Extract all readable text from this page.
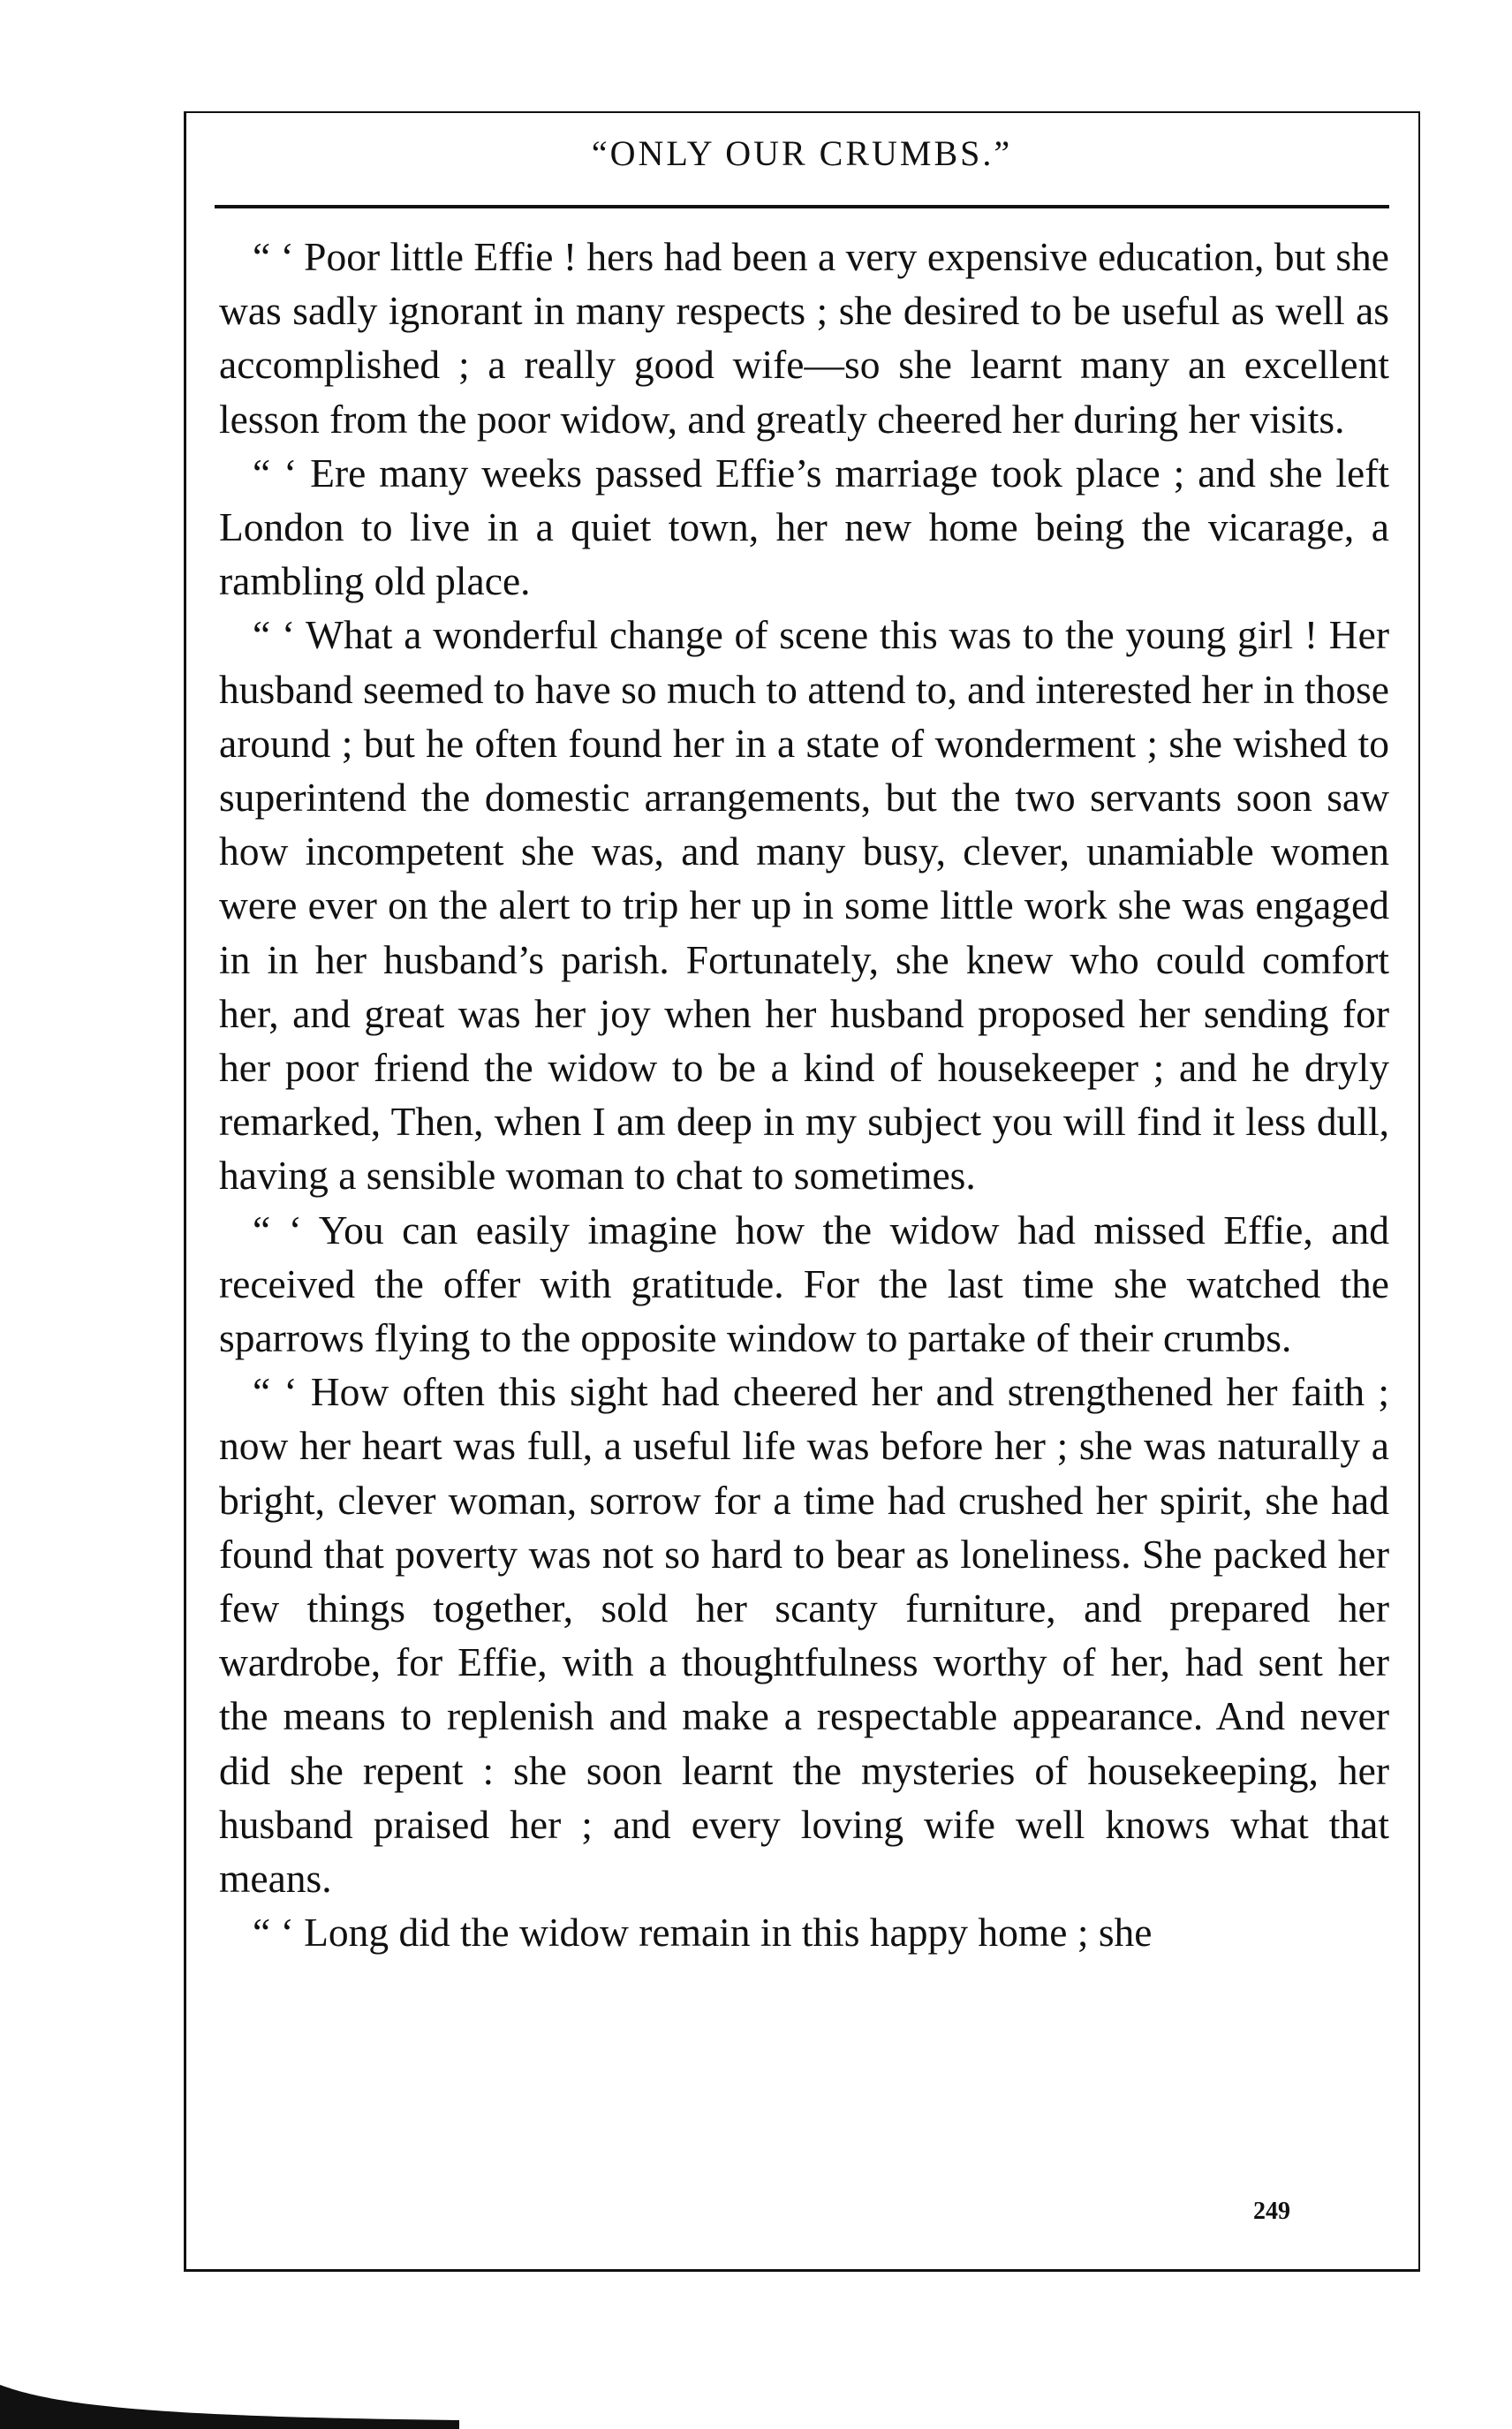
“ONLY OUR CRUMBS.”

“ ‘ Poor little Effie ! hers had been a very expensive education, but she was sadly ignorant in many respects ; she desired to be useful as well as accomplished ; a really good wife—so she learnt many an excellent lesson from the poor widow, and greatly cheered her during her visits.

“ ‘ Ere many weeks passed Effie’s marriage took place ; and she left London to live in a quiet town, her new home being the vicarage, a rambling old place.

“ ‘ What a wonderful change of scene this was to the young girl ! Her husband seemed to have so much to attend to, and interested her in those around ; but he often found her in a state of wonderment ; she wished to superintend the domestic arrangements, but the two servants soon saw how incompetent she was, and many busy, clever, unamiable women were ever on the alert to trip her up in some little work she was engaged in in her husband’s parish. Fortunately, she knew who could comfort her, and great was her joy when her husband proposed her sending for her poor friend the widow to be a kind of housekeeper ; and he dryly remarked, Then, when I am deep in my subject you will find it less dull, having a sensible woman to chat to sometimes.

“ ‘ You can easily imagine how the widow had missed Effie, and received the offer with gratitude. For the last time she watched the sparrows flying to the opposite window to partake of their crumbs.

“ ‘ How often this sight had cheered her and strengthened her faith ; now her heart was full, a useful life was before her ; she was naturally a bright, clever woman, sorrow for a time had crushed her spirit, she had found that poverty was not so hard to bear as loneliness. She packed her few things together, sold her scanty furniture, and prepared her wardrobe, for Effie, with a thoughtfulness worthy of her, had sent her the means to replenish and make a respectable appearance. And never did she repent : she soon learnt the mysteries of housekeeping, her husband praised her ; and every loving wife well knows what that means.

“ ‘ Long did the widow remain in this happy home ; she

249
